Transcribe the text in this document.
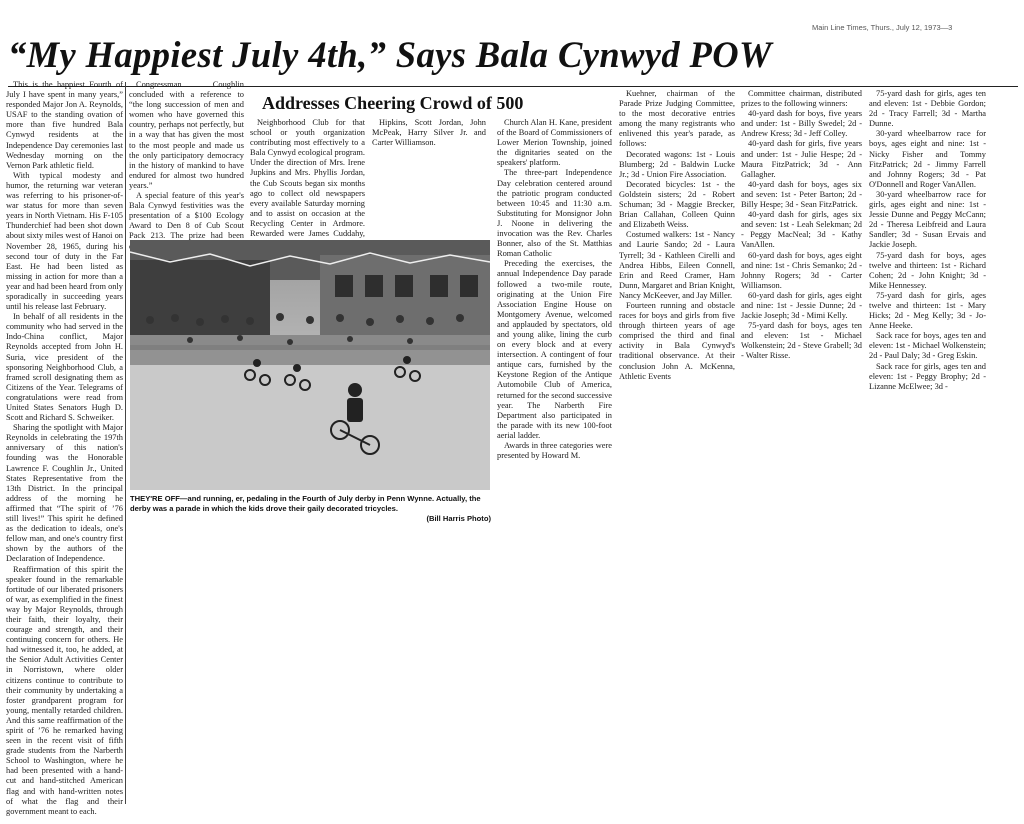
Main Line Times, Thurs., July 12, 1973—3
“My Happiest July 4th,” Says Bala Cynwyd POW
Addresses Cheering Crowd of 500

This is the happiest Fourth of July I have spent in many years,” responded Major Jon A. Reynolds, USAF to the standing ovation of more than five hundred Bala Cynwyd residents at the Independence Day ceremonies last Wednesday morning on the Vernon Park athletic field.

With typical modesty and humor, the returning war veteran was referring to his prisoner-of-war status for more than seven years in North Vietnam. His F-105 Thunderchief had been shot down about sixty miles west of Hanoi on November 28, 1965, during his second tour of duty in the Far East. He had been listed as missing in action for more than a year and had been heard from only sporadically in succeeding years until his release last February.

In behalf of all residents in the community who had served in the Indo-China conflict, Major Reynolds accepted from John H. Suria, vice president of the sponsoring Neighborhood Club, a framed scroll designating them as Citizens of the Year. Telegrams of congratulations were read from United States Senators Hugh D. Scott and Richard S. Schweiker.

Sharing the spotlight with Major Reynolds in celebrating the 197th anniversary of this nation's founding was the Honorable Lawrence F. Coughlin Jr., United States Representative from the 13th District. In the principal address of the morning he affirmed that “The spirit of ’76 still lives!” This spirit he defined as the dedication to ideals, one's fellow man, and one's country first shown by the authors of the Declaration of Independence.

Reaffirmation of this spirit the speaker found in the remarkable fortitude of our liberated prisoners of war, as exemplified in the finest way by Major Reynolds, through their faith, their loyalty, their courage and strength, and their continuing concern for others. He had witnessed it, too, he added, at the Senior Adult Activities Center in Norristown, where older citizens continue to contribute to their community by undertaking a foster grandparent program for young, mentally retarded children. And this same reaffirmation of the spirit of ’76 he remarked having seen in the recent visit of fifth grade students from the Narberth School to Washington, where he had been presented with a hand-cut and hand-stitched American flag and with hand-written notes of what the flag and their government meant to each.

Congressman Coughlin concluded with a reference to “the long succession of men and women who have governed this country, perhaps not perfectly, but in a way that has given the most to the most people and made us the only participatory democracy in the history of mankind to have endured for almost two hundred years.”

A special feature of this year's Bala Cynwyd festivities was the presentation of a $100 Ecology Award to Den 8 of Cub Scout Pack 213. The prize had been

Neighborhood Club for that school or youth organization contributing most effectively to a Bala Cynwyd ecological program. Under the direction of Mrs. Irene Jupkins and Mrs. Phyllis Jordan, the Cub Scouts began six months ago to collect old newspapers every available Saturday morning and to assist on occasion at the Recycling Center in Ardmore. Rewarded were James Cuddahy,

Hipkins, Scott Jordan, John McPeak, Harry Silver Jr. and Carter Williamson.

THEY'RE OFF—and running, er, pedaling in the Fourth of July derby in Penn Wynne. Actually, the derby was a parade in which the kids drove their gaily decorated tricycles.
(Bill Harris Photo)

Church Alan H. Kane, president of the Board of Commissioners of Lower Merion Township, joined the dignitaries seated on the speakers' platform.

The three-part Independence Day celebration centered around the patriotic program conducted between 10:45 and 11:30 a.m. Substituting for Monsignor John J. Noone in delivering the invocation was the Rev. Charles Bonner, also of the St. Matthias Roman Catholic

Preceding the exercises, the annual Independence Day parade followed a two-mile route, originating at the Union Fire Association Engine House on Montgomery Avenue, welcomed and applauded by spectators, old and young alike, lining the curb on every block and at every intersection. A contingent of four antique cars, furnished by the Keystone Region of the Antique Automobile Club of America, returned for the second successive year. The Narberth Fire Department also participated in the parade with its new 100-foot aerial ladder.

Awards in three categories were presented by Howard M.

Kuehner, chairman of the Parade Prize Judging Committee, to the most decorative entries among the many registrants who enlivened this year's parade, as follows:

Decorated wagons: 1st - Louis Blumberg; 2d - Baldwin Lucke Jr.; 3d - Union Fire Association.

Decorated bicycles: 1st - the Goldstein sisters; 2d - Robert Schuman; 3d - Maggie Brecker, Brian Callahan, Colleen Quinn and Elizabeth Weiss.

Costumed walkers: 1st - Nancy and Laurie Sando; 2d - Laura Tyrrell; 3d - Kathleen Cirelli and Andrea Hibbs, Eileen Connell, Erin and Reed Cramer, Ham Dunn, Margaret and Brian Knight, Nancy McKeever, and Jay Miller.

Fourteen running and obstacle races for boys and girls from five through thirteen years of age comprised the third and final activity in Bala Cynwyd's traditional observance. At their conclusion John A. McKenna, Athletic Events

Committee chairman, distributed prizes to the following winners:

40-yard dash for boys, five years and under: 1st - Billy Swedel; 2d - Andrew Kress; 3d - Jeff Colley.

40-yard dash for girls, five years and under: 1st - Julie Hespe; 2d - Maura FitzPatrick; 3d - Ann Gallagher.

40-yard dash for boys, ages six and seven: 1st - Peter Barton; 2d - Billy Hespe; 3d - Sean FitzPatrick.

40-yard dash for girls, ages six and seven: 1st - Leah Selekman; 2d - Peggy MacNeal; 3d - Kathy VanAllen.

60-yard dash for boys, ages eight and nine: 1st - Chris Semanko; 2d - Johnny Rogers; 3d - Carter Williamson.

60-yard dash for girls, ages eight and nine: 1st - Jessie Dunne; 2d - Jackie Joseph; 3d - Mimi Kelly.

75-yard dash for boys, ages ten and eleven: 1st - Michael Wolkenstein; 2d - Steve Grabell; 3d - Walter Risse.

75-yard dash for girls, ages ten and eleven: 1st - Debbie Gordon; 2d - Tracy Farrell; 3d - Martha Dunne.

30-yard wheelbarrow race for boys, ages eight and nine: 1st - Nicky Fisher and Tommy FitzPatrick; 2d - Jimmy Farrell and Johnny Rogers; 3d - Pat O'Donnell and Roger VanAllen.

30-yard wheelbarrow race for girls, ages eight and nine: 1st - Jessie Dunne and Peggy McCann; 2d - Theresa Leibfreid and Laura Sandler; 3d - Susan Ervais and Jackie Joseph.

75-yard dash for boys, ages twelve and thirteen: 1st - Richard Cohen; 2d - John Knight; 3d - Mike Hennessey.

75-yard dash for girls, ages twelve and thirteen: 1st - Mary Hicks; 2d - Meg Kelly; 3d - Jo-Anne Heeke.

Sack race for boys, ages ten and eleven: 1st - Michael Wolkenstein; 2d - Paul Daly; 3d - Greg Eskin.

Sack race for girls, ages ten and eleven: 1st - Peggy Brophy; 2d - Lizanne McElwee; 3d -
